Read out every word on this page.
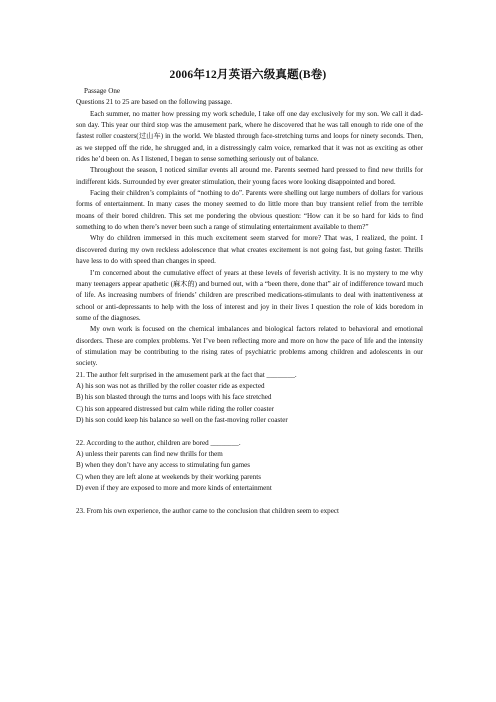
2006年12月英语六级真题(B卷)

Passage One

Questions 21 to 25 are based on the following passage.

Each summer, no matter how pressing my work schedule, I take off one day exclusively for my son. We call it dad-son day. This year our third stop was the amusement park, where he discovered that he was tall enough to ride one of the fastest roller coasters(过山车) in the world. We blasted through face-stretching turns and loops for ninety seconds. Then, as we stepped off the ride, he shrugged and, in a distressingly calm voice, remarked that it was not as exciting as other rides he’d been on. As I listened, I began to sense something seriously out of balance.

Throughout the season, I noticed similar events all around me. Parents seemed hard pressed to find new thrills for indifferent kids. Surrounded by ever greater stimulation, their young faces wore looking disappointed and bored.

Facing their children’s complaints of “nothing to do”. Parents were shelling out large numbers of dollars for various forms of entertainment. In many cases the money seemed to do little more than buy transient relief from the terrible moans of their bored children. This set me pondering the obvious question: “How can it be so hard for kids to find something to do when there’s never been such a range of stimulating entertainment available to them?”

Why do children immersed in this much excitement seem starved for more? That was, I realized, the point. I discovered during my own reckless adolescence that what creates excitement is not going fast, but going faster. Thrills have less to do with speed than changes in speed.

I’m concerned about the cumulative effect of years at these levels of feverish activity. It is no mystery to me why many teenagers appear apathetic (麻木的) and burned out, with a “been there, done that” air of indifference toward much of life. As increasing numbers of friends’ children are prescribed medications-stimulants to deal with inattentiveness at school or anti-depressants to help with the loss of interest and joy in their lives I question the role of kids boredom in some of the diagnoses.

My own work is focused on the chemical imbalances and biological factors related to behavioral and emotional disorders. These are complex problems. Yet I’ve been reflecting more and more on how the pace of life and the intensity of stimulation may be contributing to the rising rates of psychiatric problems among children and adolescents in our society.

21. The author felt surprised in the amusement park at the fact that ________.

A) his son was not as thrilled by the roller coaster ride as expected

B) his son blasted through the turns and loops with his face stretched

C) his son appeared distressed but calm while riding the roller coaster

D) his son could keep his balance so well on the fast-moving roller coaster

22. According to the author, children are bored ________.

A) unless their parents can find new thrills for them

B) when they don’t have any access to stimulating fun games

C) when they are left alone at weekends by their working parents

D) even if they are exposed to more and more kinds of entertainment

23. From his own experience, the author came to the conclusion that children seem to expect
